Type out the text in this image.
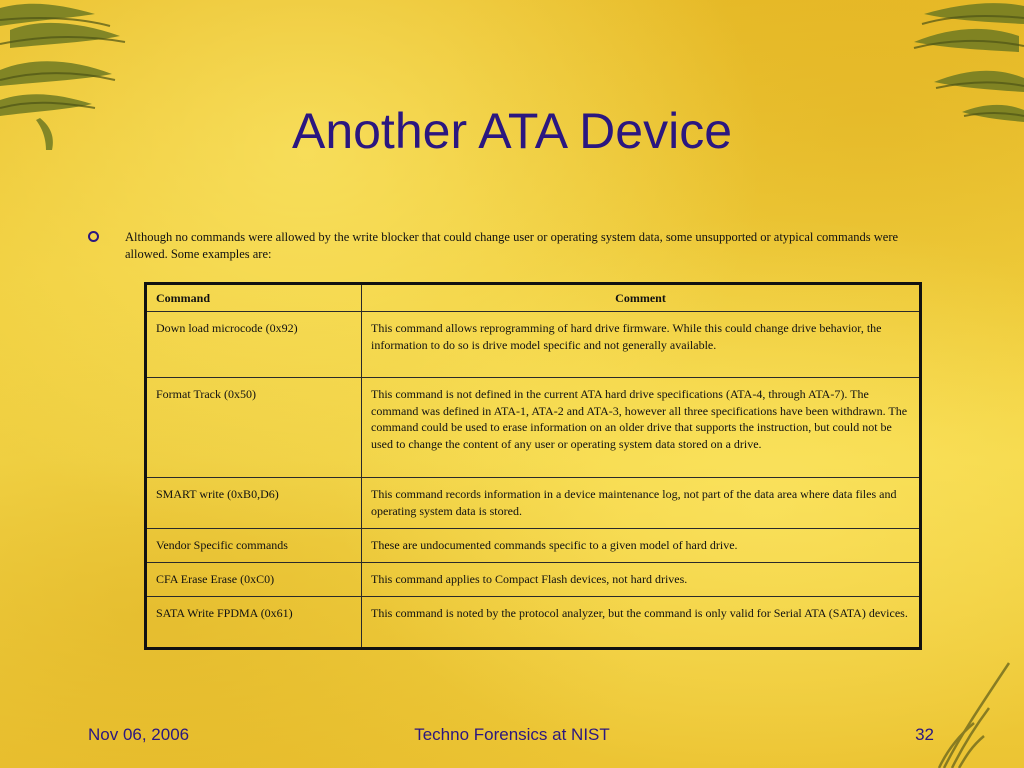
Another ATA Device
Although no commands were allowed by the write blocker that could change user or operating system data, some unsupported or atypical commands were allowed. Some examples are:
Command	Comment
Down load microcode (0x92)	This command allows reprogramming of hard drive firmware. While this could change drive behavior, the information to do so is drive model specific and not generally available.
Format Track (0x50)	This command is not defined in the current ATA hard drive specifications (ATA-4, through ATA-7). The command was defined in ATA-1, ATA-2 and ATA-3, however all three specifications have been withdrawn. The command could be used to erase information on an older drive that supports the instruction, but could not be used to change the content of any user or operating system data stored on a drive.
SMART write (0xB0,D6)	This command records information in a device maintenance log, not part of the data area where data files and operating system data is stored.
Vendor Specific commands	These are undocumented commands specific to a given model of hard drive.
CFA Erase Erase (0xC0)	This command applies to Compact Flash devices, not hard drives.
SATA Write FPDMA (0x61)	This command is noted by the protocol analyzer, but the command is only valid for Serial ATA (SATA) devices.
Nov 06, 2006	Techno Forensics at NIST	32
